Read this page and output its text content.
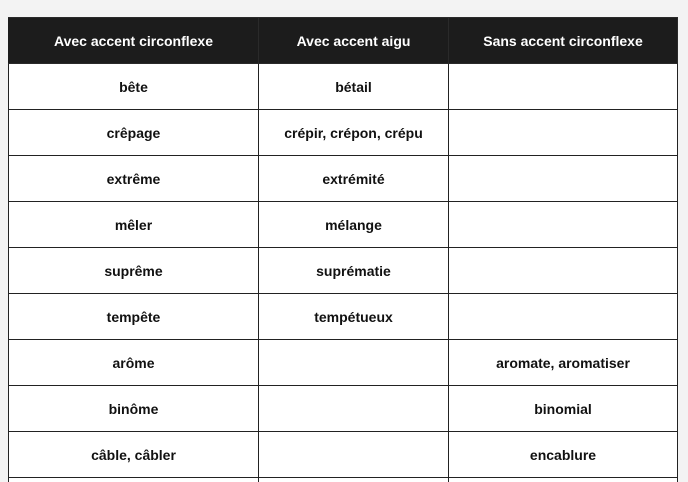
Avec accent circonflexe	Avec accent aigu	Sans accent circonflexe
bête	bétail	
crêpage	crépir, crépon, crépu	
extrême	extrémité	
mêler	mélange	
suprême	suprématie	
tempête	tempétueux	
arôme		aromate, aromatiser
binôme		binomial
câble, câbler		encablure
